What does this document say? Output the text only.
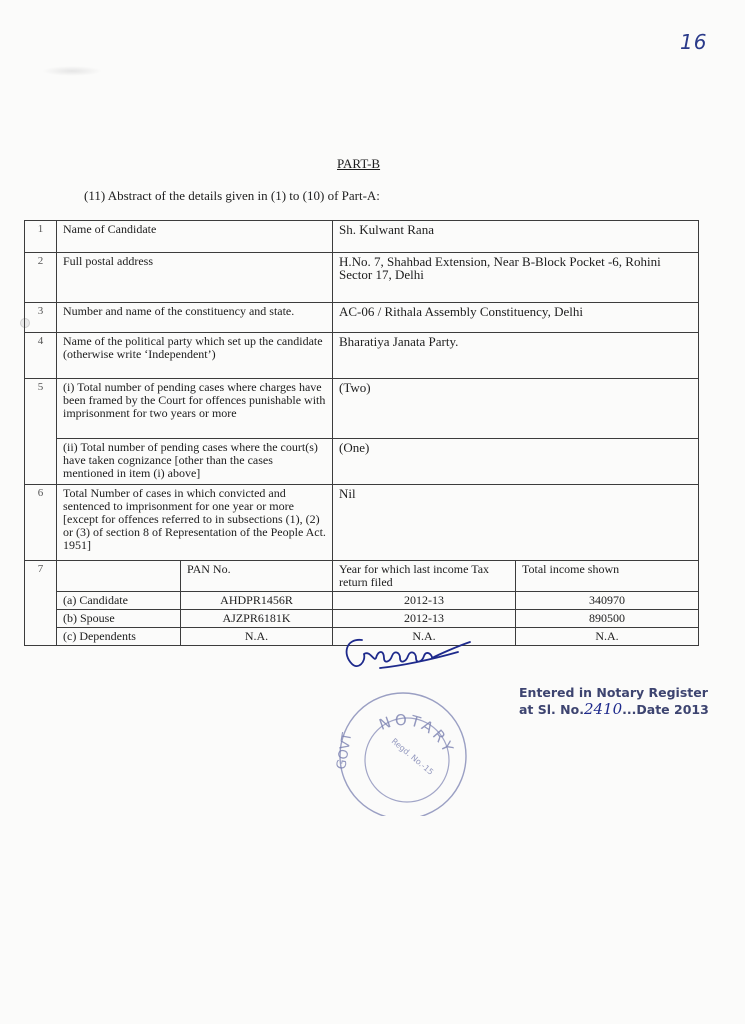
16
PART-B
(11) Abstract of the details given in (1) to (10) of Part-A:
1	Name of Candidate		Sh. Kulwant Rana	
2	Full postal address		H.No. 7, Shahbad Extension, Near B-Block Pocket -6, Rohini Sector 17, Delhi	
3	Number and name of the constituency and state.		AC-06 / Rithala Assembly Constituency, Delhi	
4	Name of the political party which set up the candidate (otherwise write ‘Independent’)		Bharatiya Janata Party.	
5	(i) Total number of pending cases where charges have been framed by the Court for offences punishable with imprisonment for two years or more		(Two)	
	(ii) Total number of pending cases where the court(s) have taken cognizance [other than the cases mentioned in item (i) above]		(One)	
6	Total Number of cases in which convicted and sentenced to imprisonment for one year or more [except for offences referred to in subsections (1), (2) or (3) of section 8 of Representation of the People Act. 1951]		Nil	
7		PAN No.	Year for which last income Tax return filed	Total income shown
	(a) Candidate	AHDPR1456R	2012-13	340970
	(b) Spouse	AJZPR6181K	2012-13	890500
	(c) Dependents	N.A.	N.A.	N.A.
NOTARY
GOVT	Regd. No.-15
Entered in Notary Register
at Sl. No.2410...Date 2013
